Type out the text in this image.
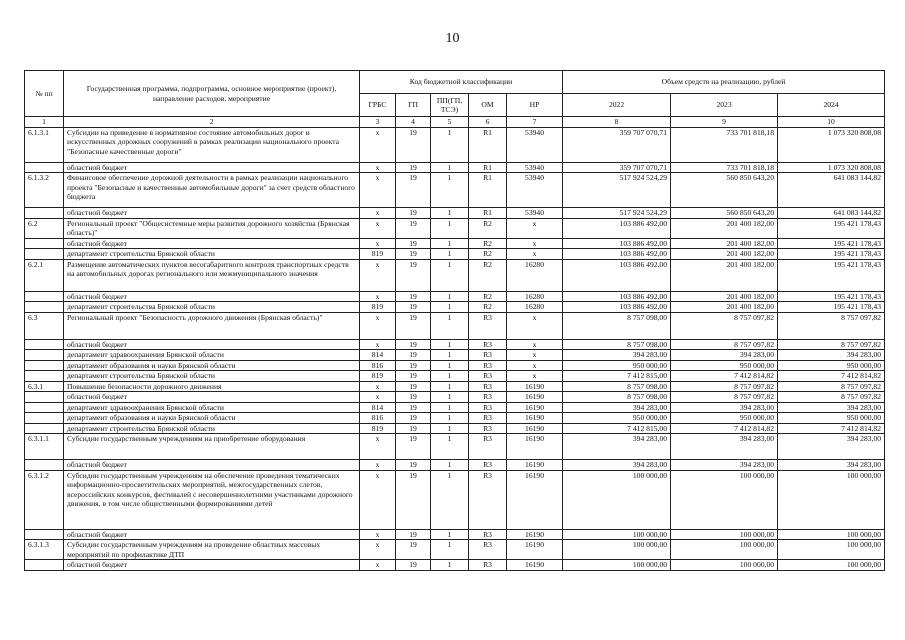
10
№ пп	Государственная программа, подпрограмма, основное мероприятие (проект), направление расходов, мероприятие	Код бюджетной классификации					Объем средств на реализацию, рублей		
		ГРБС	ГП	ПП(ГП, ТСЭ)	ОМ	НР	2022	2023	2024
1	2	3	4	5	6	7	8	9	10
6.1.3.1	Субсидии на приведение в нормативное состояние автомобильных дорог и искусственных дорожных сооружений в рамках реализации национального проекта "Безопасные качественные дороги"	х	19	1	R1	53940	359 707 070,71	733 701 818,18	1 073 320 808,08
	областной бюджет	х	19	1	R1	53940	359 707 070,71	733 701 818,18	1 073 320 808,08
6.1.3.2	Финансовое обеспечение дорожной деятельности в рамках реализации национального проекта "Безопасные и качественные автомобильные дороги" за счет средств областного бюджета	х	19	1	R1	53940	517 924 524,29	560 850 643,20	641 083 144,82
	областной бюджет	х	19	1	R1	53940	517 924 524,29	560 850 643,20	641 083 144,82
6.2	Региональный проект "Общесистемные меры развития дорожного хозяйства (Брянская область)"	х	19	1	R2	х	103 886 492,00	201 400 182,00	195 421 178,43
	областной бюджет	х	19	1	R2	х	103 886 492,00	201 400 182,00	195 421 178,43
	департамент строительства Брянской области	819	19	1	R2	х	103 886 492,00	201 400 182,00	195 421 178,43
6.2.1	Размещение автоматических пунктов весогабаритного контроля транспортных средств на автомобильных дорогах регионального или межмуниципального значения	х	19	1	R2	16280	103 886 492,00	201 400 182,00	195 421 178,43
	областной бюджет	х	19	1	R2	16280	103 886 492,00	201 400 182,00	195 421 178,43
	департамент строительства Брянской области	819	19	1	R2	16280	103 886 492,00	201 400 182,00	195 421 178,43
6.3	Региональный проект "Безопасность дорожного движения (Брянская область)"	х	19	1	R3	х	8 757 098,00	8 757 097,82	8 757 097,82
	областной бюджет	х	19	1	R3	х	8 757 098,00	8 757 097,82	8 757 097,82
	департамент здравоохранения Брянской области	814	19	1	R3	х	394 283,00	394 283,00	394 283,00
	департамент образования и науки Брянской области	816	19	1	R3	х	950 000,00	950 000,00	950 000,00
	департамент строительства Брянской области	819	19	1	R3	х	7 412 815,00	7 412 814,82	7 412 814,82
6.3.1	Повышение безопасности дорожного движения	х	19	1	R3	16190	8 757 098,00	8 757 097,82	8 757 097,82
	областной бюджет	х	19	1	R3	16190	8 757 098,00	8 757 097,82	8 757 097,82
	департамент здравоохранения Брянской области	814	19	1	R3	16190	394 283,00	394 283,00	394 283,00
	департамент образования и науки Брянской области	816	19	1	R3	16190	950 000,00	950 000,00	950 000,00
	департамент строительства Брянской области	819	19	1	R3	16190	7 412 815,00	7 412 814,82	7 412 814,82
6.3.1.1	Субсидии государственным учреждениям на приобретение оборудования	х	19	1	R3	16190	394 283,00	394 283,00	394 283,00
	областной бюджет	х	19	1	R3	16190	394 283,00	394 283,00	394 283,00
6.3.1.2	Субсидии государственным учреждениям на обеспечение проведения тематических информационно-просветительских мероприятий, межгосударственных слетов, всероссийских конкурсов, фестивалей с несовершеннолетними участниками дорожного движения, в том числе общественными формированиями детей	х	19	1	R3	16190	100 000,00	100 000,00	100 000,00
	областной бюджет	х	19	1	R3	16190	100 000,00	100 000,00	100 000,00
6.3.1.3	Субсидии государственным учреждениям на проведение областных массовых мероприятий по профилактике ДТП	х	19	1	R3	16190	100 000,00	100 000,00	100 000,00
	областной бюджет	х	19	1	R3	16190	100 000,00	100 000,00	100 000,00
